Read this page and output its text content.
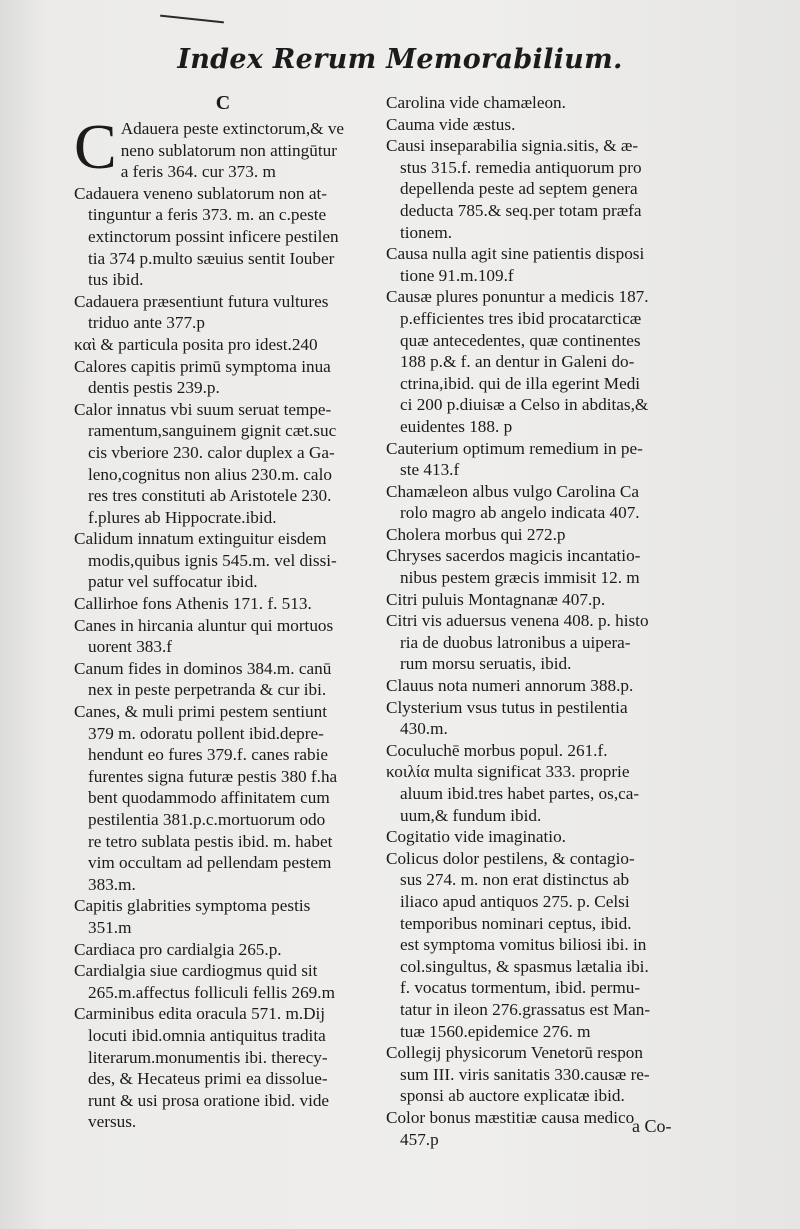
Index Rerum Memorabilium.
C

C Adauera peste extinctorum,& ve
neno sublatorum non attingūtur
a feris 364. cur 373. m

Cadauera veneno sublatorum non at-
tinguntur a feris 373. m. an c.peste
extinctorum possint inficere pestilen
tia 374 p.multo sæuius sentit Iouber
tus ibid.

Cadauera præsentiunt futura vultures
triduo ante 377.p

καὶ & particula posita pro idest.240

Calores capitis primū symptoma inua
dentis pestis 239.p.

Calor innatus vbi suum seruat tempe-
ramentum,sanguinem gignit cæt.suc
cis vberiore 230. calor duplex a Ga-
leno,cognitus non alius 230.m. calo
res tres constituti ab Aristotele 230.
f.plures ab Hippocrate.ibid.

Calidum innatum extinguitur eisdem
modis,quibus ignis 545.m. vel dissi-
patur vel suffocatur ibid.

Callirhoe fons Athenis 171. f. 513.

Canes in hircania aluntur qui mortuos
uorent 383.f

Canum fides in dominos 384.m. canū
nex in peste perpetranda & cur ibi.

Canes, & muli primi pestem sentiunt
379 m. odoratu pollent ibid.depre-
hendunt eo fures 379.f. canes rabie
furentes signa futuræ pestis 380 f.ha
bent quodammodo affinitatem cum
pestilentia 381.p.c.mortuorum odo
re tetro sublata pestis ibid. m. habet
vim occultam ad pellendam pestem
383.m.

Capitis glabrities symptoma pestis
351.m

Cardiaca pro cardialgia 265.p.

Cardialgia siue cardiogmus quid sit
265.m.affectus folliculi fellis 269.m

Carminibus edita oracula 571. m.Dij
locuti ibid.omnia antiquitus tradita
literarum.monumentis ibi. therecy-
des, & Hecateus primi ea dissolue-
runt & usi prosa oratione ibid. vide
versus.

Carolina vide chamæleon.

Cauma vide æstus.

Causi inseparabilia signia.sitis, & æ-
stus 315.f. remedia antiquorum pro
depellenda peste ad septem genera
deducta 785.& seq.per totam præfa
tionem.

Causa nulla agit sine patientis disposi
tione 91.m.109.f

Causæ plures ponuntur a medicis 187.
p.efficientes tres ibid procatarcticæ
quæ antecedentes, quæ continentes
188 p.& f. an dentur in Galeni do-
ctrina,ibid. qui de illa egerint Medi
ci 200 p.diuisæ a Celso in abditas,&
euidentes 188. p

Cauterium optimum remedium in pe-
ste 413.f

Chamæleon albus vulgo Carolina Ca
rolo magro ab angelo indicata 407.

Cholera morbus qui 272.p

Chryses sacerdos magicis incantatio-
nibus pestem græcis immisit 12. m

Citri puluis Montagnanæ 407.p.

Citri vis aduersus venena 408. p. histo
ria de duobus latronibus a uipera-
rum morsu seruatis, ibid.

Clauus nota numeri annorum 388.p.

Clysterium vsus tutus in pestilentia
430.m.

Coculuchē morbus popul. 261.f.

κοιλία multa significat 333. proprie
aluum ibid.tres habet partes, os,ca-
uum,& fundum ibid.

Cogitatio vide imaginatio.

Colicus dolor pestilens, & contagio-
sus 274. m. non erat distinctus ab
iliaco apud antiquos 275. p. Celsi
temporibus nominari ceptus, ibid.
est symptoma vomitus biliosi ibi. in
col.singultus, & spasmus lætalia ibi.
f. vocatus tormentum, ibid. permu-
tatur in ileon 276.grassatus est Man-
tuæ 1560.epidemice 276. m

Collegij physicorum Venetorū respon
sum III. viris sanitatis 330.causæ re-
sponsi ab auctore explicatæ ibid.

Color bonus mæstitiæ causa medico
457.p

a Co-
